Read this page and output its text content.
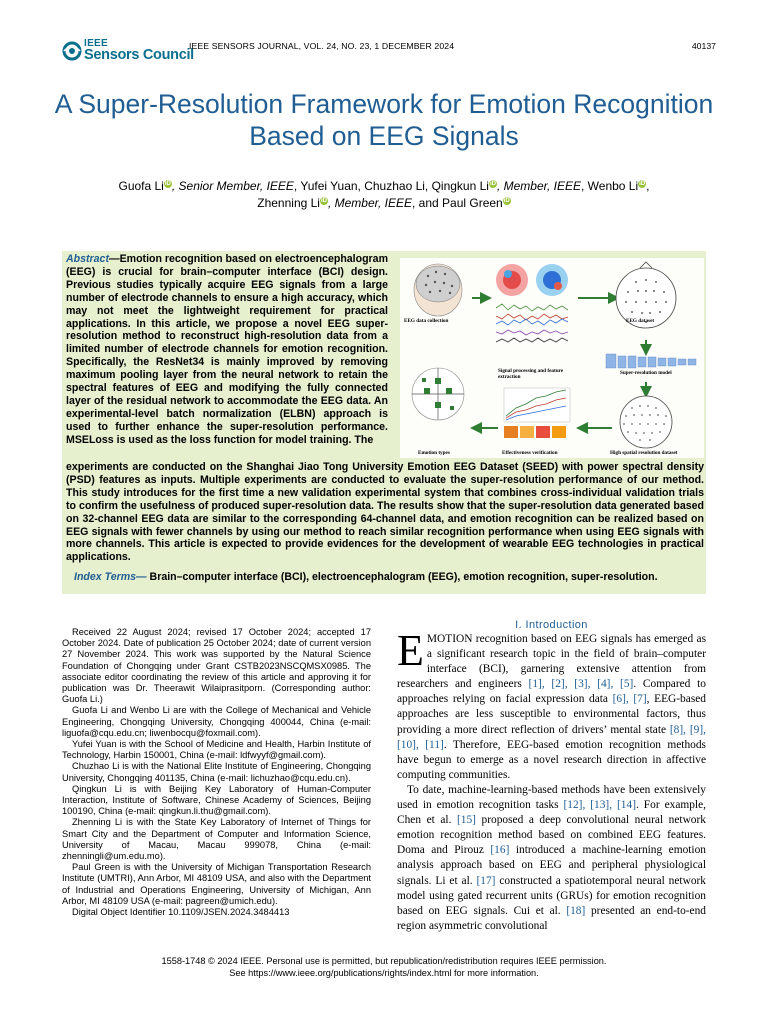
IEEE
Sensors Council
IEEE SENSORS JOURNAL, VOL. 24, NO. 23, 1 DECEMBER 2024	40137
A Super-Resolution Framework for Emotion Recognition Based on EEG Signals
Guofa LiiD, Senior Member, IEEE, Yufei Yuan, Chuzhao Li, Qingkun LiiD, Member, IEEE, Wenbo LiiD,
Zhenning LiiD, Member, IEEE, and Paul GreeniD
Abstract—Emotion recognition based on electroencephalogram (EEG) is crucial for brain–computer interface (BCI) design. Previous studies typically acquire EEG signals from a large number of electrode channels to ensure a high accuracy, which may not meet the lightweight requirement for practical applications. In this article, we propose a novel EEG super-resolution method to reconstruct high-resolution data from a limited number of electrode channels for emotion recognition. Specifically, the ResNet34 is mainly improved by removing maximum pooling layer from the neural network to retain the spectral features of EEG and modifying the fully connected layer of the residual network to accommodate the EEG data. An experimental-level batch normalization (ELBN) approach is used to further enhance the super-resolution performance. MSELoss is used as the loss function for model training. The
experiments are conducted on the Shanghai Jiao Tong University Emotion EEG Dataset (SEED) with power spectral density (PSD) features as inputs. Multiple experiments are conducted to evaluate the super-resolution performance of our method. This study introduces for the first time a new validation experimental system that combines cross-individual validation trials to confirm the usefulness of produced super-resolution data. The results show that the super-resolution data generated based on 32-channel EEG data are similar to the corresponding 64-channel data, and emotion recognition can be realized based on EEG signals with fewer channels by using our method to reach similar recognition performance when using EEG signals with more channels. This article is expected to provide evidences for the development of wearable EEG technologies in practical applications.
Index Terms— Brain–computer interface (BCI), electroencephalogram (EEG), emotion recognition, super-resolution.
EEG data collection	EEG dataset
Signal processing and feature extraction
Super-resolution model
Emotion types	Effectiveness verification	High spatial resolution dataset

Received 22 August 2024; revised 17 October 2024; accepted 17 October 2024. Date of publication 25 October 2024; date of current version 27 November 2024. This work was supported by the Natural Science Foundation of Chongqing under Grant CSTB2023NSCQMSX0985. The associate editor coordinating the review of this article and approving it for publication was Dr. Theerawit Wilaiprasitporn. (Corresponding author: Guofa Li.)

Guofa Li and Wenbo Li are with the College of Mechanical and Vehicle Engineering, Chongqing University, Chongqing 400044, China (e-mail: liguofa@cqu.edu.cn; liwenbocqu@foxmail.com).

Yufei Yuan is with the School of Medicine and Health, Harbin Institute of Technology, Harbin 150001, China (e-mail: ldfwyyf@gmail.com).

Chuzhao Li is with the National Elite Institute of Engineering, Chongqing University, Chongqing 401135, China (e-mail: lichuzhao@cqu.edu.cn).

Qingkun Li is with Beijing Key Laboratory of Human-Computer Interaction, Institute of Software, Chinese Academy of Sciences, Beijing 100190, China (e-mail: qingkun.li.thu@gmail.com).

Zhenning Li is with the State Key Laboratory of Internet of Things for Smart City and the Department of Computer and Information Science, University of Macau, Macau 999078, China (e-mail: zhenningli@um.edu.mo).

Paul Green is with the University of Michigan Transportation Research Institute (UMTRI), Ann Arbor, MI 48109 USA, and also with the Department of Industrial and Operations Engineering, University of Michigan, Ann Arbor, MI 48109 USA (e-mail: pagreen@umich.edu).

Digital Object Identifier 10.1109/JSEN.2024.3484413

I. Introduction

EMOTION recognition based on EEG signals has emerged as a significant research topic in the field of brain–computer interface (BCI), garnering extensive attention from researchers and engineers [1], [2], [3], [4], [5]. Compared to approaches relying on facial expression data [6], [7], EEG-based approaches are less susceptible to environmental factors, thus providing a more direct reflection of drivers’ mental state [8], [9], [10], [11]. Therefore, EEG-based emotion recognition methods have begun to emerge as a novel research direction in affective computing communities.

To date, machine-learning-based methods have been extensively used in emotion recognition tasks [12], [13], [14]. For example, Chen et al. [15] proposed a deep convolutional neural network emotion recognition method based on combined EEG features. Doma and Pirouz [16] introduced a machine-learning emotion analysis approach based on EEG and peripheral physiological signals. Li et al. [17] constructed a spatiotemporal neural network model using gated recurrent units (GRUs) for emotion recognition based on EEG signals. Cui et al. [18] presented an end-to-end region asymmetric convolutional

1558-1748 © 2024 IEEE. Personal use is permitted, but republication/redistribution requires IEEE permission.
See https://www.ieee.org/publications/rights/index.html for more information.
